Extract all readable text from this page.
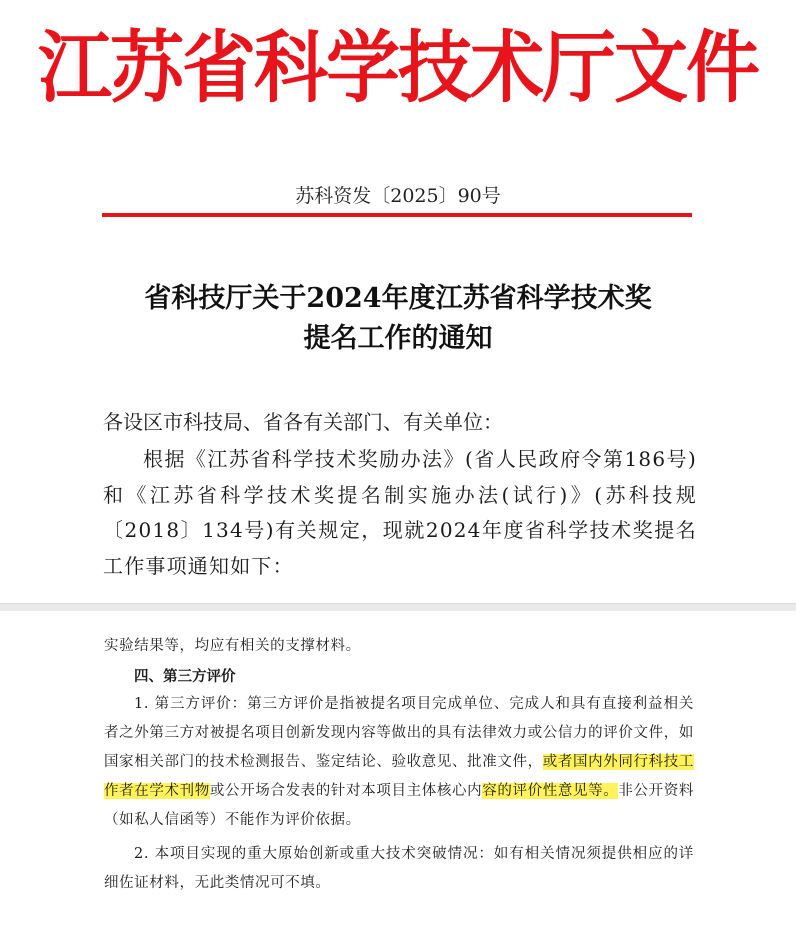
江苏省科学技术厅文件
苏科资发〔2025〕90号
省科技厅关于2024年度江苏省科学技术奖
提名工作的通知
各设区市科技局、省各有关部门、有关单位：
根据《江苏省科学技术奖励办法》(省人民政府令第186号)和《江苏省科学技术奖提名制实施办法(试行)》(苏科技规〔2018〕134号)有关规定，现就2024年度省科学技术奖提名工作事项通知如下：
实验结果等，均应有相关的支撑材料。
四、第三方评价
1. 第三方评价：第三方评价是指被提名项目完成单位、完成人和具有直接利益相关者之外第三方对被提名项目创新发现内容等做出的具有法律效力或公信力的评价文件，如国家相关部门的技术检测报告、鉴定结论、验收意见、批准文件，或者国内外同行科技工作者在学术刊物或公开场合发表的针对本项目主体核心内容的评价性意见等。非公开资料（如私人信函等）不能作为评价依据。
2. 本项目实现的重大原始创新或重大技术突破情况：如有相关情况须提供相应的详细佐证材料，无此类情况可不填。
